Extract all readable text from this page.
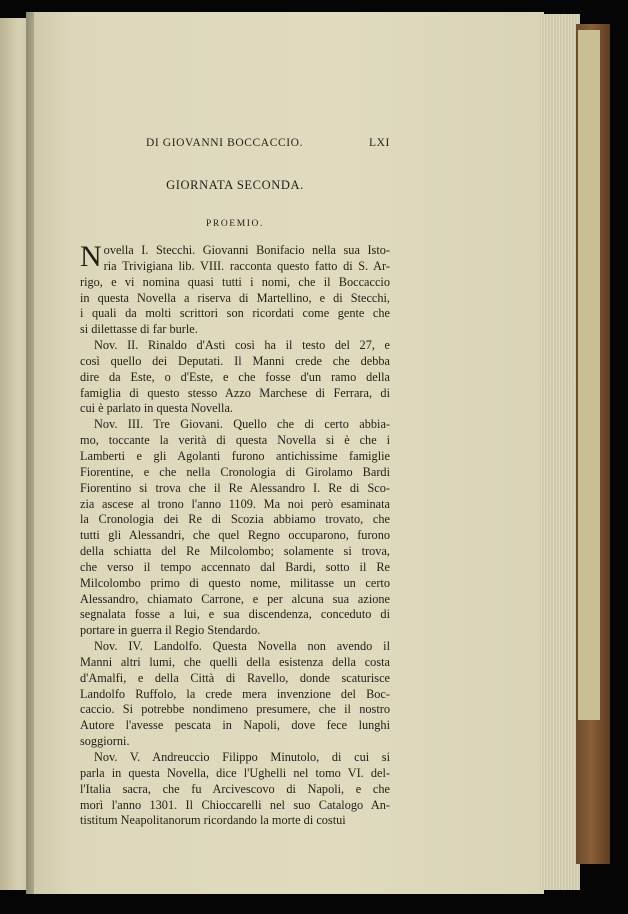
DI GIOVANNI BOCCACCIO.	LXI
GIORNATA SECONDA.
PROEMIO.
N ovella I. Stecchi. Giovanni Bonifacio nella sua Isto-
ria Trivigiana lib. VIII. racconta questo fatto di S. Ar-
rigo, e vi nomina quasi tutti i nomi, che il Boccaccio
in questa Novella a riserva di Martellino, e di Stecchi,
i quali da molti scrittori son ricordati come gente che
si dilettasse di far burle.
Nov. II. Rinaldo d'Asti così ha il testo del 27, e
così quello dei Deputati. Il Manni crede che debba
dire da Este, o d'Este, e che fosse d'un ramo della
famiglia di questo stesso Azzo Marchese di Ferrara, di
cui è parlato in questa Novella.
Nov. III. Tre Giovani. Quello che di certo abbia-
mo, toccante la verità di questa Novella si è che i
Lamberti e gli Agolanti furono antichissime famiglie
Fiorentine, e che nella Cronologia di Girolamo Bardi
Fiorentino si trova che il Re Alessandro I. Re di Sco-
zia ascese al trono l'anno 1109. Ma noi però esaminata
la Cronologia dei Re di Scozia abbiamo trovato, che
tutti gli Alessandri, che quel Regno occuparono, furono
della schiatta del Re Milcolombo; solamente si trova,
che verso il tempo accennato dal Bardi, sotto il Re
Milcolombo primo di questo nome, militasse un certo
Alessandro, chiamato Carrone, e per alcuna sua azione
segnalata fosse a lui, e sua discendenza, conceduto di
portare in guerra il Regio Stendardo.
Nov. IV. Landolfo. Questa Novella non avendo il
Manni altri lumi, che quelli della esistenza della costa
d'Amalfi, e della Città di Ravello, donde scaturisce
Landolfo Ruffolo, la crede mera invenzione del Boc-
caccio. Si potrebbe nondimeno presumere, che il nostro
Autore l'avesse pescata in Napoli, dove fece lunghi
soggiorni.
Nov. V. Andreuccio Filippo Minutolo, di cui si
parla in questa Novella, dice l'Ughelli nel tomo VI. del-
l'Italia sacra, che fu Arcivescovo di Napoli, e che
morì l'anno 1301. Il Chioccarelli nel suo Catalogo An-
tistitum Neapolitanorum ricordando la morte di costui
